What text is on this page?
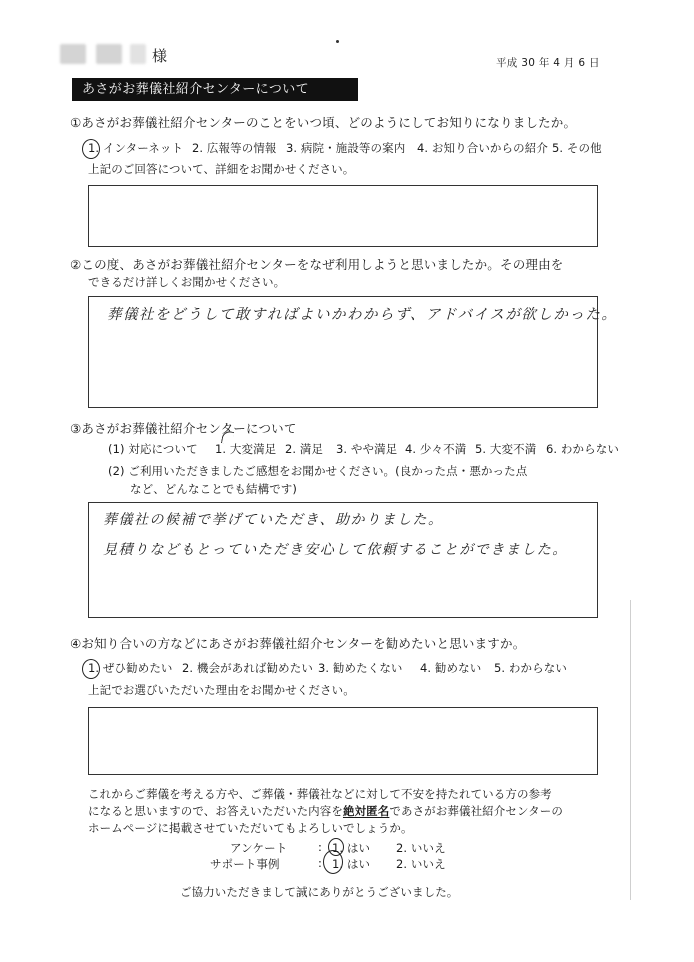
様	平成 30 年 4 月 6 日
あさがお葬儀社紹介センターについて
①あさがお葬儀社紹介センターのことをいつ頃、どのようにしてお知りになりましたか。
1. インターネット 2. 広報等の情報 3. 病院・施設等の案内 4. お知り合いからの紹介 5. その他
上記のご回答について、詳細をお聞かせください。
②この度、あさがお葬儀社紹介センターをなぜ利用しようと思いましたか。その理由を
できるだけ詳しくお聞かせください。
葬儀社をどうして敢すればよいかわからず、アドバイスが欲しかった。
③あさがお葬儀社紹介センターについて
(1) 対応について 1. 大変満足 2. 満足 3. やや満足 4. 少々不満 5. 大変不満 6. わからない
(2) ご利用いただきましたご感想をお聞かせください。(良かった点・悪かった点
など、どんなことでも結構です)
葬儀社の候補で挙げていただき、助かりました。
見積りなどもとっていただき安心して依頼することができました。
④お知り合いの方などにあさがお葬儀社紹介センターを勧めたいと思いますか。
1. ぜひ勧めたい 2. 機会があれば勧めたい 3. 勧めたくない 4. 勧めない 5. わからない
上記でお選びいただいた理由をお聞かせください。
これからご葬儀を考える方や、ご葬儀・葬儀社などに対して不安を持たれている方の参考
になると思いますので、お答えいただいた内容を絶対匿名であさがお葬儀社紹介センターの
ホームページに掲載させていただいてもよろしいでしょうか。
アンケート	: 1. はい 2. いいえ
サポート事例	: 1. はい 2. いいえ
ご協力いただきまして誠にありがとうございました。
